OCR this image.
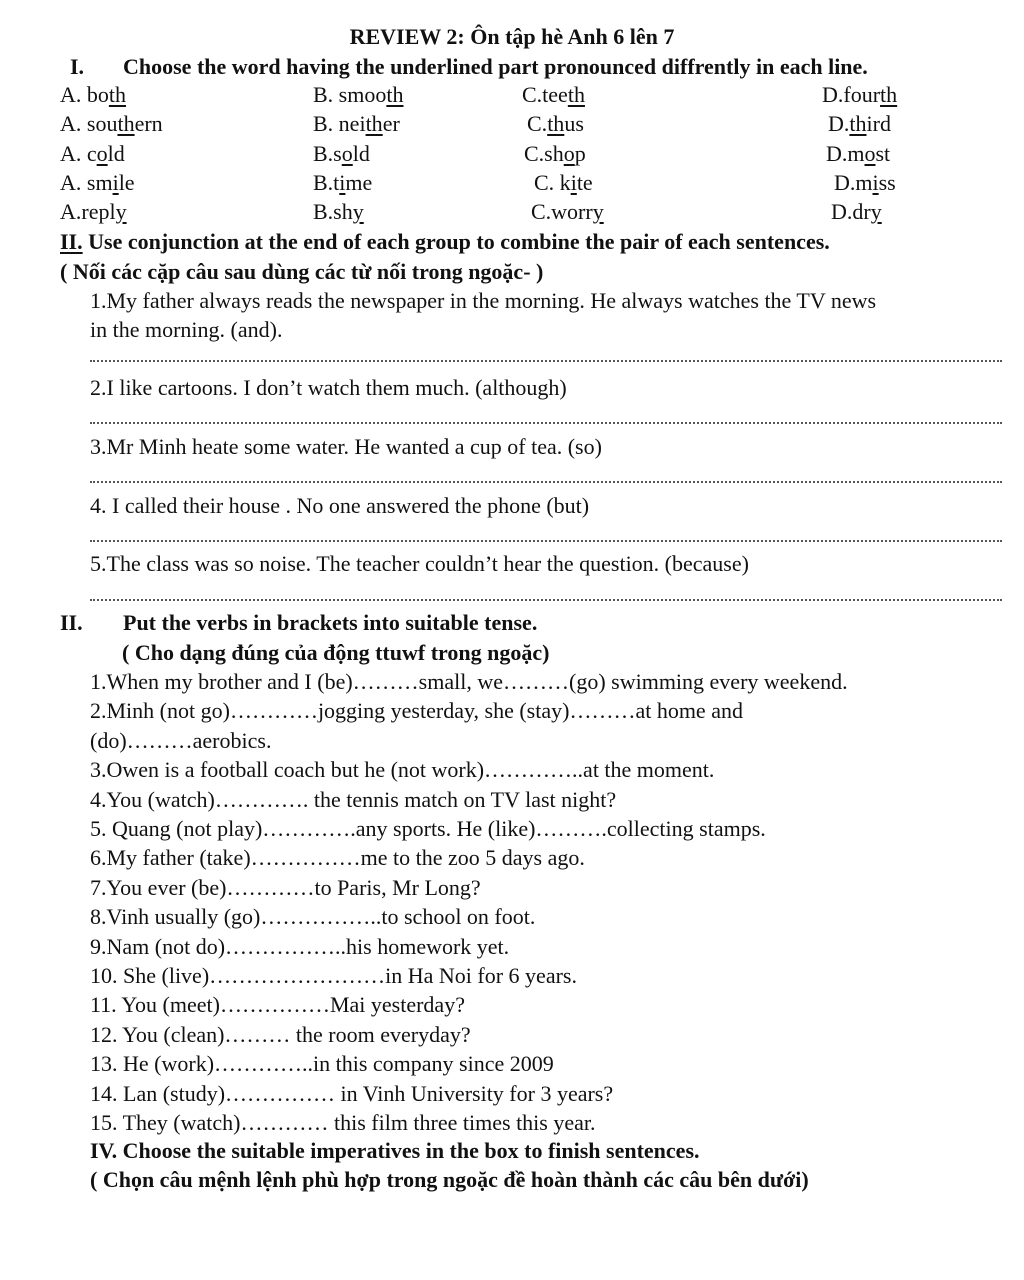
REVIEW 2: Ôn tập hè Anh 6 lên 7
I. Choose the word having the underlined part pronounced diffrently in each line.
A. both	B. smooth	C.teeth	D.fourth
A. southern	B. neither	C.thus	D.third
A. cold	B.sold	C.shop	D.most
A. smile	B.time	C. kite	D.miss
A.reply	B.shy	C.worry	D.dry
II. Use conjunction at the end of each group to combine the pair of each sentences.
( Nối các cặp câu sau dùng các từ nối trong ngoặc- )
1.My father always reads the newspaper in the morning. He always watches the TV news
in the morning. (and).
2.I like cartoons. I don’t watch them much. (although)
3.Mr Minh heate some water. He wanted a cup of tea. (so)
4. I called their house . No one answered the phone (but)
5.The class was so noise. The teacher couldn’t hear the question. (because)
II. Put the verbs in brackets into suitable tense.
( Cho dạng đúng của động ttuwf trong ngoặc)
1.When my brother and I (be)………small, we………(go) swimming every weekend.
2.Minh (not go)…………jogging yesterday, she (stay)………at home and
(do)………aerobics.
3.Owen is a football coach but he (not work)…………..at the moment.
4.You (watch)…………. the tennis match on TV last night?
5. Quang (not play)………….any sports. He (like)……….collecting stamps.
6.My father (take)……………me to the zoo 5 days ago.
7.You ever (be)…………to Paris, Mr Long?
8.Vinh usually (go)……………..to school on foot.
9.Nam (not do)……………..his homework yet.
10. She (live)……………………in Ha Noi for 6 years.
11. You (meet)……………Mai yesterday?
12. You (clean)……… the room everyday?
13. He (work)…………..in this company since 2009
14. Lan (study)…………… in Vinh University for 3 years?
15. They (watch)………… this film three times this year.
IV. Choose the suitable imperatives in the box to finish sentences.
( Chọn câu mệnh lệnh phù hợp trong ngoặc đề hoàn thành các câu bên dưới)
